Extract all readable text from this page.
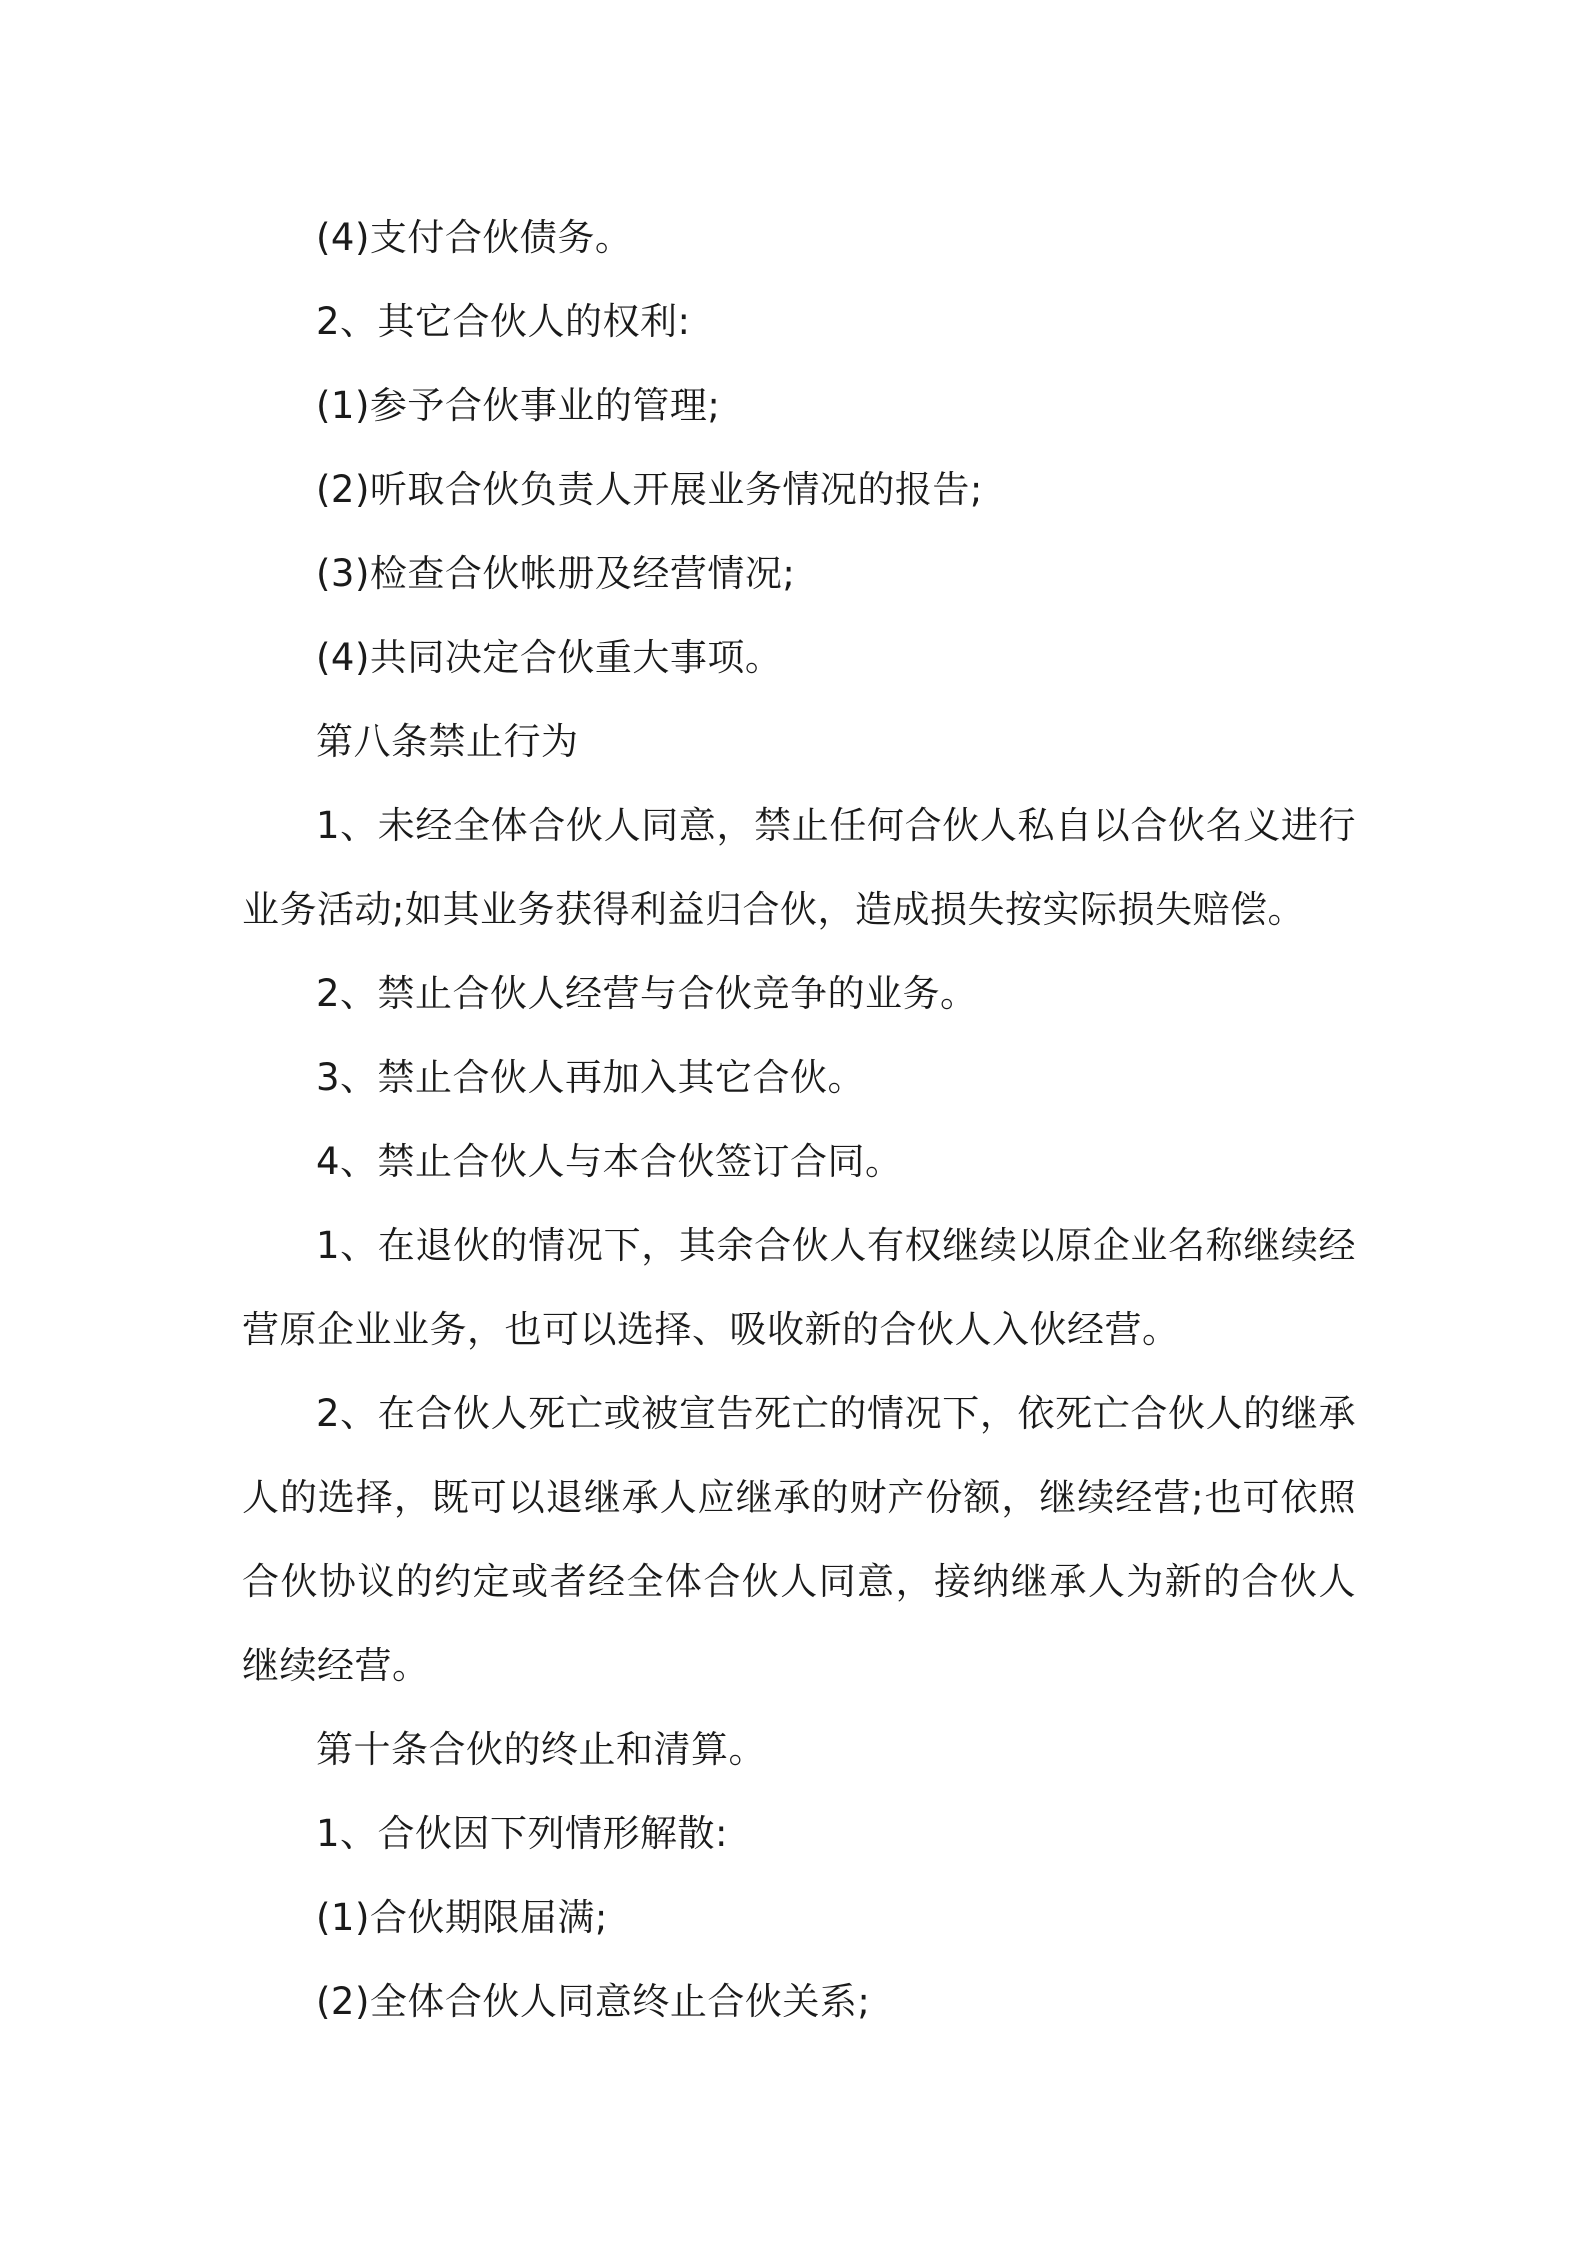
(4)支付合伙债务。

2、其它合伙人的权利:

(1)参予合伙事业的管理;

(2)听取合伙负责人开展业务情况的报告;

(3)检查合伙帐册及经营情况;

(4)共同决定合伙重大事项。

第八条禁止行为

1、未经全体合伙人同意，禁止任何合伙人私自以合伙名义进行业务活动;如其业务获得利益归合伙，造成损失按实际损失赔偿。

2、禁止合伙人经营与合伙竞争的业务。

3、禁止合伙人再加入其它合伙。

4、禁止合伙人与本合伙签订合同。

1、在退伙的情况下，其余合伙人有权继续以原企业名称继续经营原企业业务，也可以选择、吸收新的合伙人入伙经营。

2、在合伙人死亡或被宣告死亡的情况下，依死亡合伙人的继承人的选择，既可以退继承人应继承的财产份额，继续经营;也可依照合伙协议的约定或者经全体合伙人同意，接纳继承人为新的合伙人继续经营。

第十条合伙的终止和清算。

1、合伙因下列情形解散:

(1)合伙期限届满;

(2)全体合伙人同意终止合伙关系;
